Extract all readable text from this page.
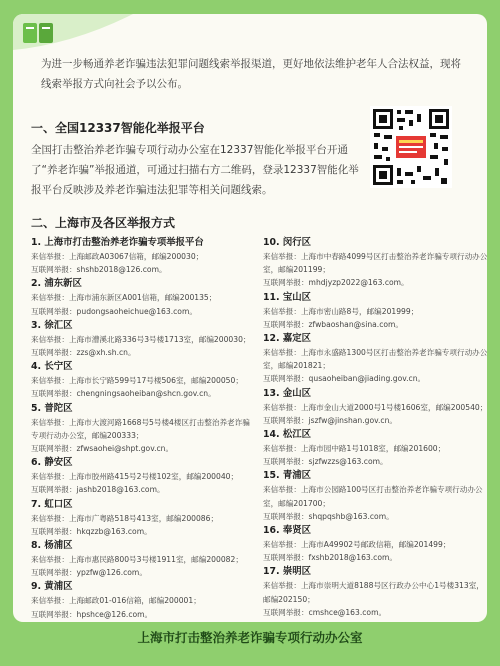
为进一步畅通养老诈骗违法犯罪问题线索举报渠道，更好地依法维护老年人合法权益，现将线索举报方式向社会予以公布。
一、全国12337智能化举报平台
全国打击整治养老诈骗专项行动办公室在12337智能化举报平台开通了“养老诈骗”举报通道，可通过扫描右方二维码，登录12337智能化举报平台反映涉及养老诈骗违法犯罪等相关问题线索。
二、上海市及各区举报方式
1. 上海市打击整治养老诈骗专项举报平台
来信举报：上海邮政A03067信箱，邮编200030；
互联网举报：shshb2018@126.com。
2. 浦东新区
来信举报：上海市浦东新区A001信箱，邮编200135；
互联网举报：pudongsaoheichue@163.com。
3. 徐汇区
来信举报：上海市漕溪北路336号3号楼1713室，邮编200030；
互联网举报：zzs@xh.sh.cn。
4. 长宁区
来信举报：上海市长宁路599号17号楼506室，邮编200050；
互联网举报：chengningsaoheiban@shcn.gov.cn。
5. 普陀区
来信举报：上海市大渡河路1668号5号楼4楼区打击整治养老诈骗专项行动办公室，邮编200333；
互联网举报：zfwsaohei@shpt.gov.cn。
6. 静安区
来信举报：上海市胶州路415号2号楼102室，邮编200040；
互联网举报：jashb2018@163.com。
7. 虹口区
来信举报：上海市广粤路518号413室，邮编200086；
互联网举报：hkqzzb@163.com。
8. 杨浦区
来信举报：上海市惠民路800号3号楼1911室，邮编200082；
互联网举报：ypzfw@126.com。
9. 黄浦区
来信举报：上海邮政01-016信箱，邮编200001；
互联网举报：hpshce@126.com。
10. 闵行区
来信举报：上海市中春路4099号区打击整治养老诈骗专项行动办公室，邮编201199；
互联网举报：mhdjyzp2022@163.com。
11. 宝山区
来信举报：上海市密山路8号，邮编201999；
互联网举报：zfwbaoshan@sina.com。
12. 嘉定区
来信举报：上海市永盛路1300号区打击整治养老诈骗专项行动办公室，邮编201821；
互联网举报：qusaoheiban@jiading.gov.cn。
13. 金山区
来信举报：上海市金山大道2000号1号楼1606室，邮编200540；
互联网举报：jszfw@jinshan.gov.cn。
14. 松江区
来信举报：上海市园中路1号1018室，邮编201600；
互联网举报：sjzfwzzs@163.com。
15. 青浦区
来信举报：上海市公园路100号区打击整治养老诈骗专项行动办公室，邮编201700；
互联网举报：shqpqshb@163.com。
16. 奉贤区
来信举报：上海市A49902号邮政信箱，邮编201499；
互联网举报：fxshb2018@163.com。
17. 崇明区
来信举报：上海市崇明大道8188号区行政办公中心1号楼313室，邮编202150；
互联网举报：cmshce@163.com。
上海市打击整治养老诈骗专项行动办公室
